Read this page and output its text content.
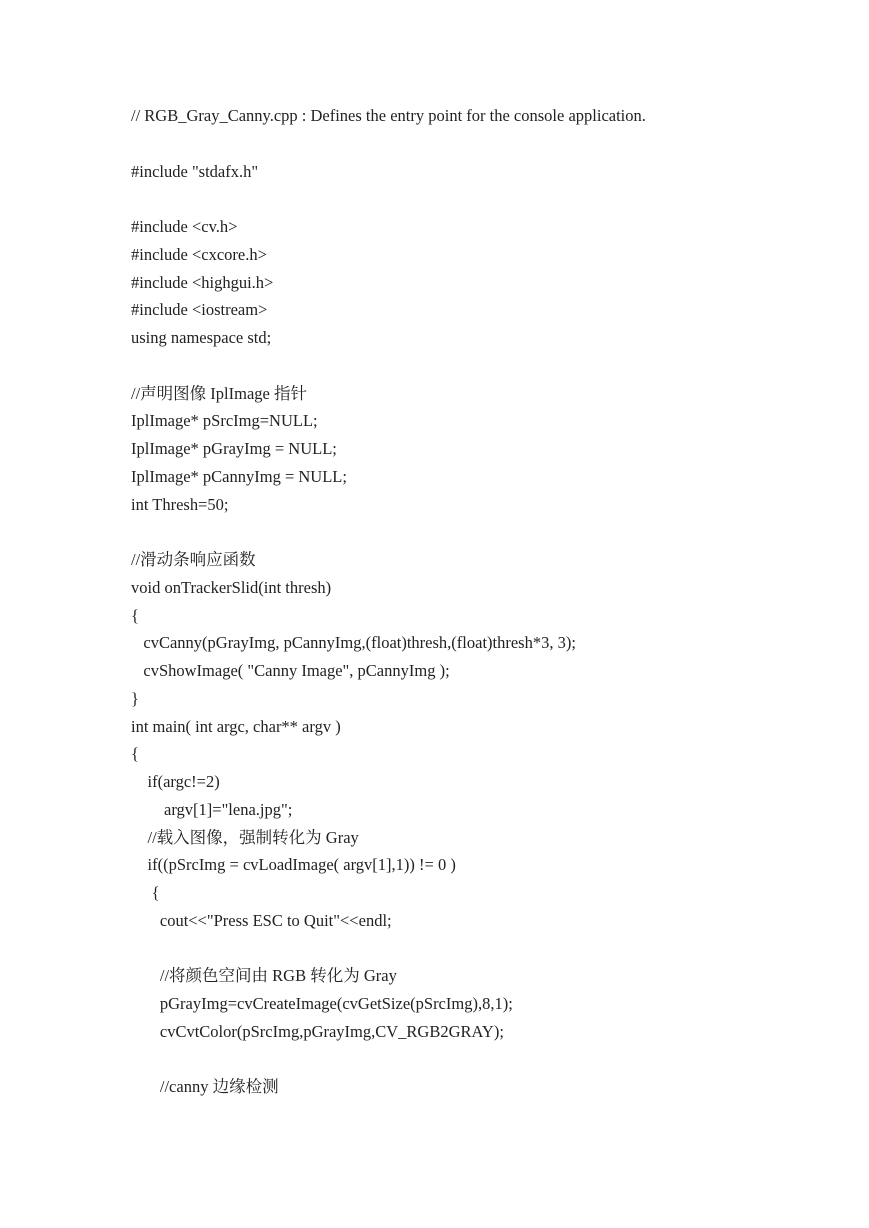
// RGB_Gray_Canny.cpp : Defines the entry point for the console application.
#include "stdafx.h"
#include <cv.h>
#include <cxcore.h>
#include <highgui.h>
#include <iostream>
using namespace std;
//声明图像 IplImage 指针
IplImage* pSrcImg=NULL;
IplImage* pGrayImg = NULL;
IplImage* pCannyImg = NULL;
int Thresh=50;
//滑动条响应函数
void onTrackerSlid(int thresh)
{
cvCanny(pGrayImg, pCannyImg,(float)thresh,(float)thresh*3, 3);
cvShowImage( "Canny Image", pCannyImg );
}
int main( int argc, char** argv )
{
if(argc!=2)
argv[1]="lena.jpg";
//载入图像，强制转化为 Gray
if((pSrcImg = cvLoadImage( argv[1],1)) != 0 )
{
cout<<"Press ESC to Quit"<<endl;
//将颜色空间由 RGB 转化为 Gray
pGrayImg=cvCreateImage(cvGetSize(pSrcImg),8,1);
cvCvtColor(pSrcImg,pGrayImg,CV_RGB2GRAY);
//canny 边缘检测
